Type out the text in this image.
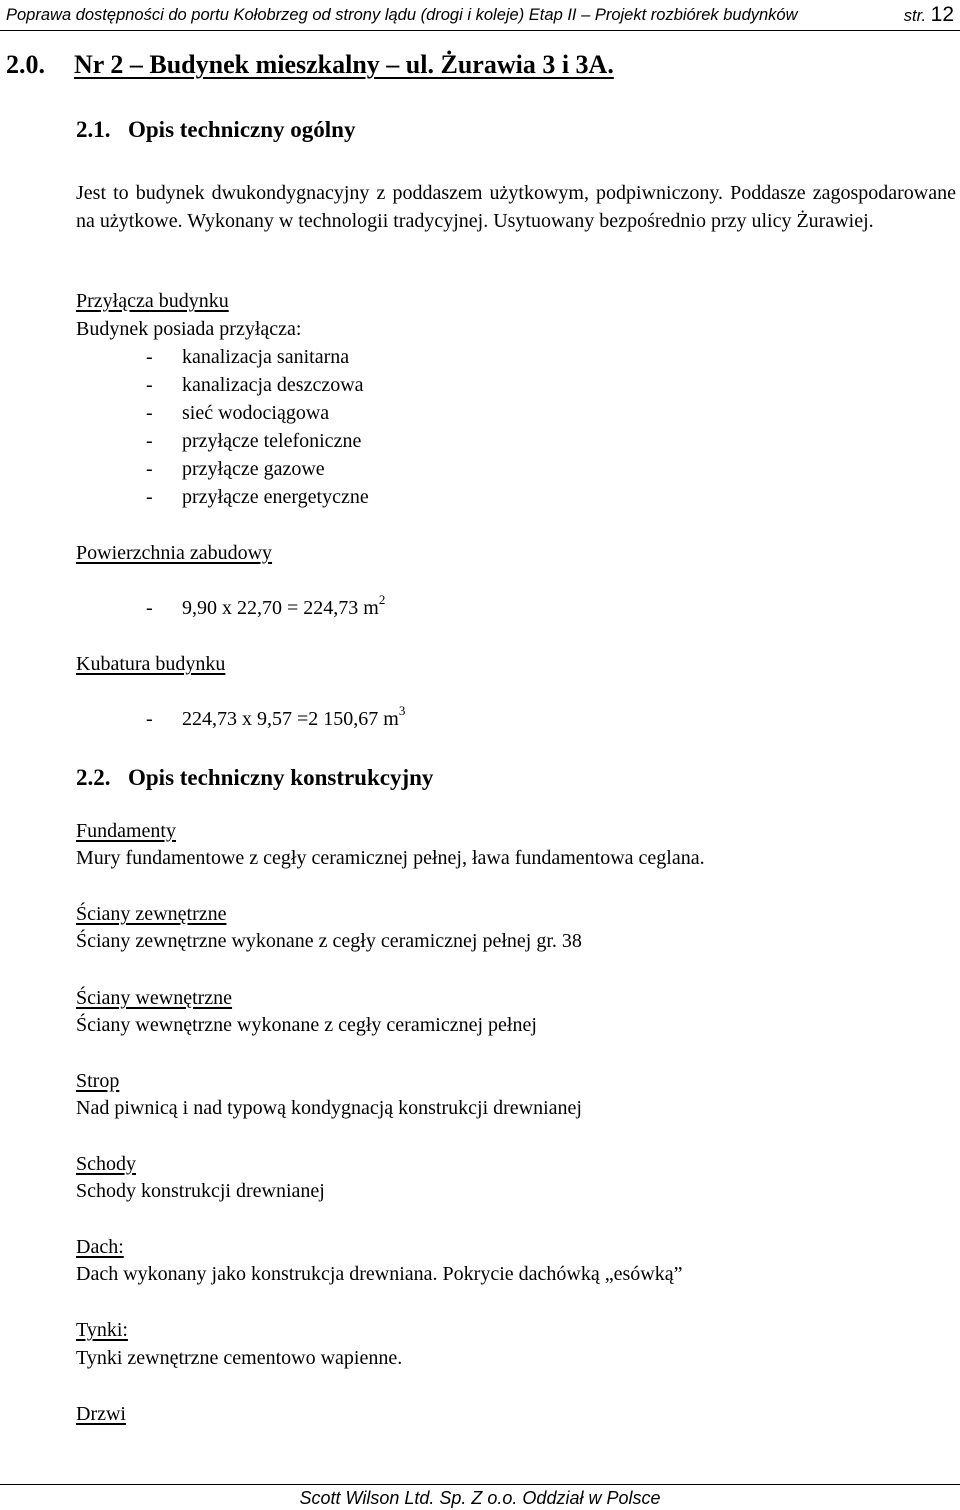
Poprawa dostępności do portu Kołobrzeg od strony lądu (drogi i koleje) Etap II – Projekt rozbiórek budynków	str. 12
2.0. Nr 2 – Budynek mieszkalny – ul. Żurawia 3 i 3A.
2.1. Opis techniczny ogólny
Jest to budynek dwukondygnacyjny z poddaszem użytkowym, podpiwniczony. Poddasze zagospodarowane na użytkowe. Wykonany w technologii tradycyjnej. Usytuowany bezpośrednio przy ulicy Żurawiej.
Przyłącza budynku
Budynek posiada przyłącza:
- kanalizacja sanitarna
- kanalizacja deszczowa
- sieć wodociągowa
- przyłącze telefoniczne
- przyłącze gazowe
- przyłącze energetyczne
Powierzchnia zabudowy
- 9,90 x 22,70 = 224,73 $m^2$
Kubatura budynku
- 224,73 x 9,57 =2 150,67 $m^3$
2.2. Opis techniczny konstrukcyjny
Fundamenty
Mury fundamentowe z cegły ceramicznej pełnej, ława fundamentowa ceglana.
Ściany zewnętrzne
Ściany zewnętrzne wykonane z cegły ceramicznej pełnej gr. 38
Ściany wewnętrzne
Ściany wewnętrzne wykonane z cegły ceramicznej pełnej
Strop
Nad piwnicą i nad typową kondygnacją konstrukcji drewnianej
Schody
Schody konstrukcji drewnianej
Dach:
Dach wykonany jako konstrukcja drewniana. Pokrycie dachówką „esówką”
Tynki:
Tynki zewnętrzne cementowo wapienne.
Drzwi
Scott Wilson Ltd. Sp. Z o.o. Oddział w Polsce
